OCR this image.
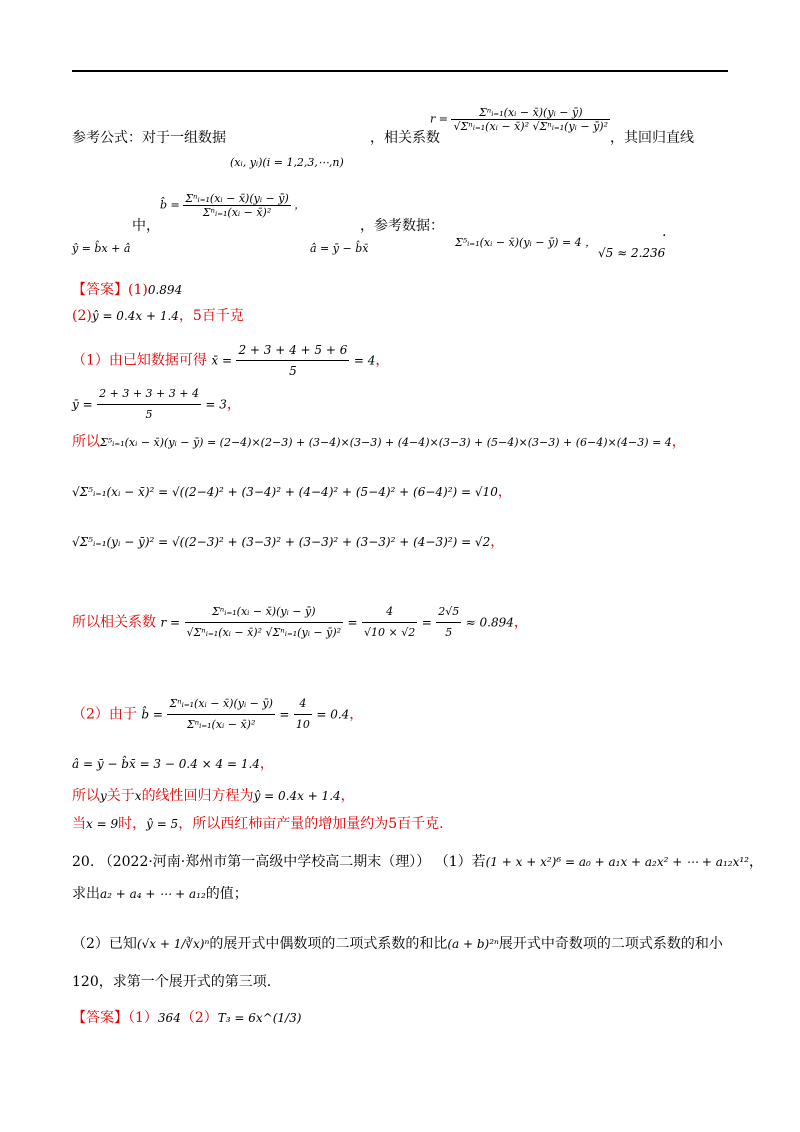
参考公式：对于一组数据
(xᵢ, yᵢ)(i = 1,2,3,⋯,n)
，相关系数
$r = \frac{\text{Σⁿᵢ₌₁(xᵢ − x̄)(yᵢ − ȳ)}}{\text{√Σⁿᵢ₌₁(xᵢ − x̄)² √Σⁿᵢ₌₁(yᵢ − ȳ)²}}$
，其回归直线
ŷ = b̂x + â
中，
b̂ = $\frac{\text{Σⁿᵢ₌₁(xᵢ − x̄)(yᵢ − ȳ)}}{\text{Σⁿᵢ₌₁(xᵢ − x̄)²}}$ ，
â = ȳ − b̂x̄
，参考数据：
Σ⁵ᵢ₌₁(xᵢ − x̄)(yᵢ − ȳ) = 4 ，
√5 ≈ 2.236
.
【答案】(1)0.894
(2)ŷ = 0.4x + 1.4，5百千克
（1）由已知数据可得 x̄ = $\frac{2 + 3 + 4 + 5 + 6}{5} = 4$，
ȳ = $\frac{2 + 3 + 3 + 3 + 4}{5} = 3$，
所以Σ⁵ᵢ₌₁(xᵢ − x̄)(yᵢ − ȳ) = (2−4)×(2−3) + (3−4)×(3−3) + (4−4)×(3−3) + (5−4)×(3−3) + (6−4)×(4−3) = 4，
√Σ⁵ᵢ₌₁(xᵢ − x̄)² = √((2−4)² + (3−4)² + (4−4)² + (5−4)² + (6−4)²) = √10，
√Σ⁵ᵢ₌₁(yᵢ − ȳ)² = √((2−3)² + (3−3)² + (3−3)² + (3−3)² + (4−3)²) = √2，
所以相关系数 $r = \frac{\text{Σⁿᵢ₌₁(xᵢ − x̄)(yᵢ − ȳ)}}{\text{√Σⁿᵢ₌₁(xᵢ − x̄)² √Σⁿᵢ₌₁(yᵢ − ȳ)²}} = \frac{4}{√10 \times √2} = \frac{2√5}{5} \approx 0.894$，
（2）由于 b̂ = $\frac{\text{Σⁿᵢ₌₁(xᵢ − x̄)(yᵢ − ȳ)}}{\text{Σⁿᵢ₌₁(xᵢ − x̄)²}} = \frac{4}{10} = 0.4$，
â = ȳ − b̂x̄ = 3 − 0.4 × 4 = 1.4，
所以y关于x的线性回归方程为ŷ = 0.4x + 1.4，
当x = 9时，ŷ = 5，所以西红柿亩产量的增加量约为5百千克.
20. （2022·河南·郑州市第一高级中学校高二期末（理）） （1）若(1 + x + x²)⁶ = a₀ + a₁x + a₂x² + ⋯ + a₁₂x¹²，
求出a₂ + a₄ + ⋯ + a₁₂的值；
（2）已知(√x + 1/∛x)ⁿ的展开式中偶数项的二项式系数的和比(a + b)²ⁿ展开式中奇数项的二项式系数的和小
120，求第一个展开式的第三项.
【答案】（1）364（2）T₃ = 6x^(1/3)
